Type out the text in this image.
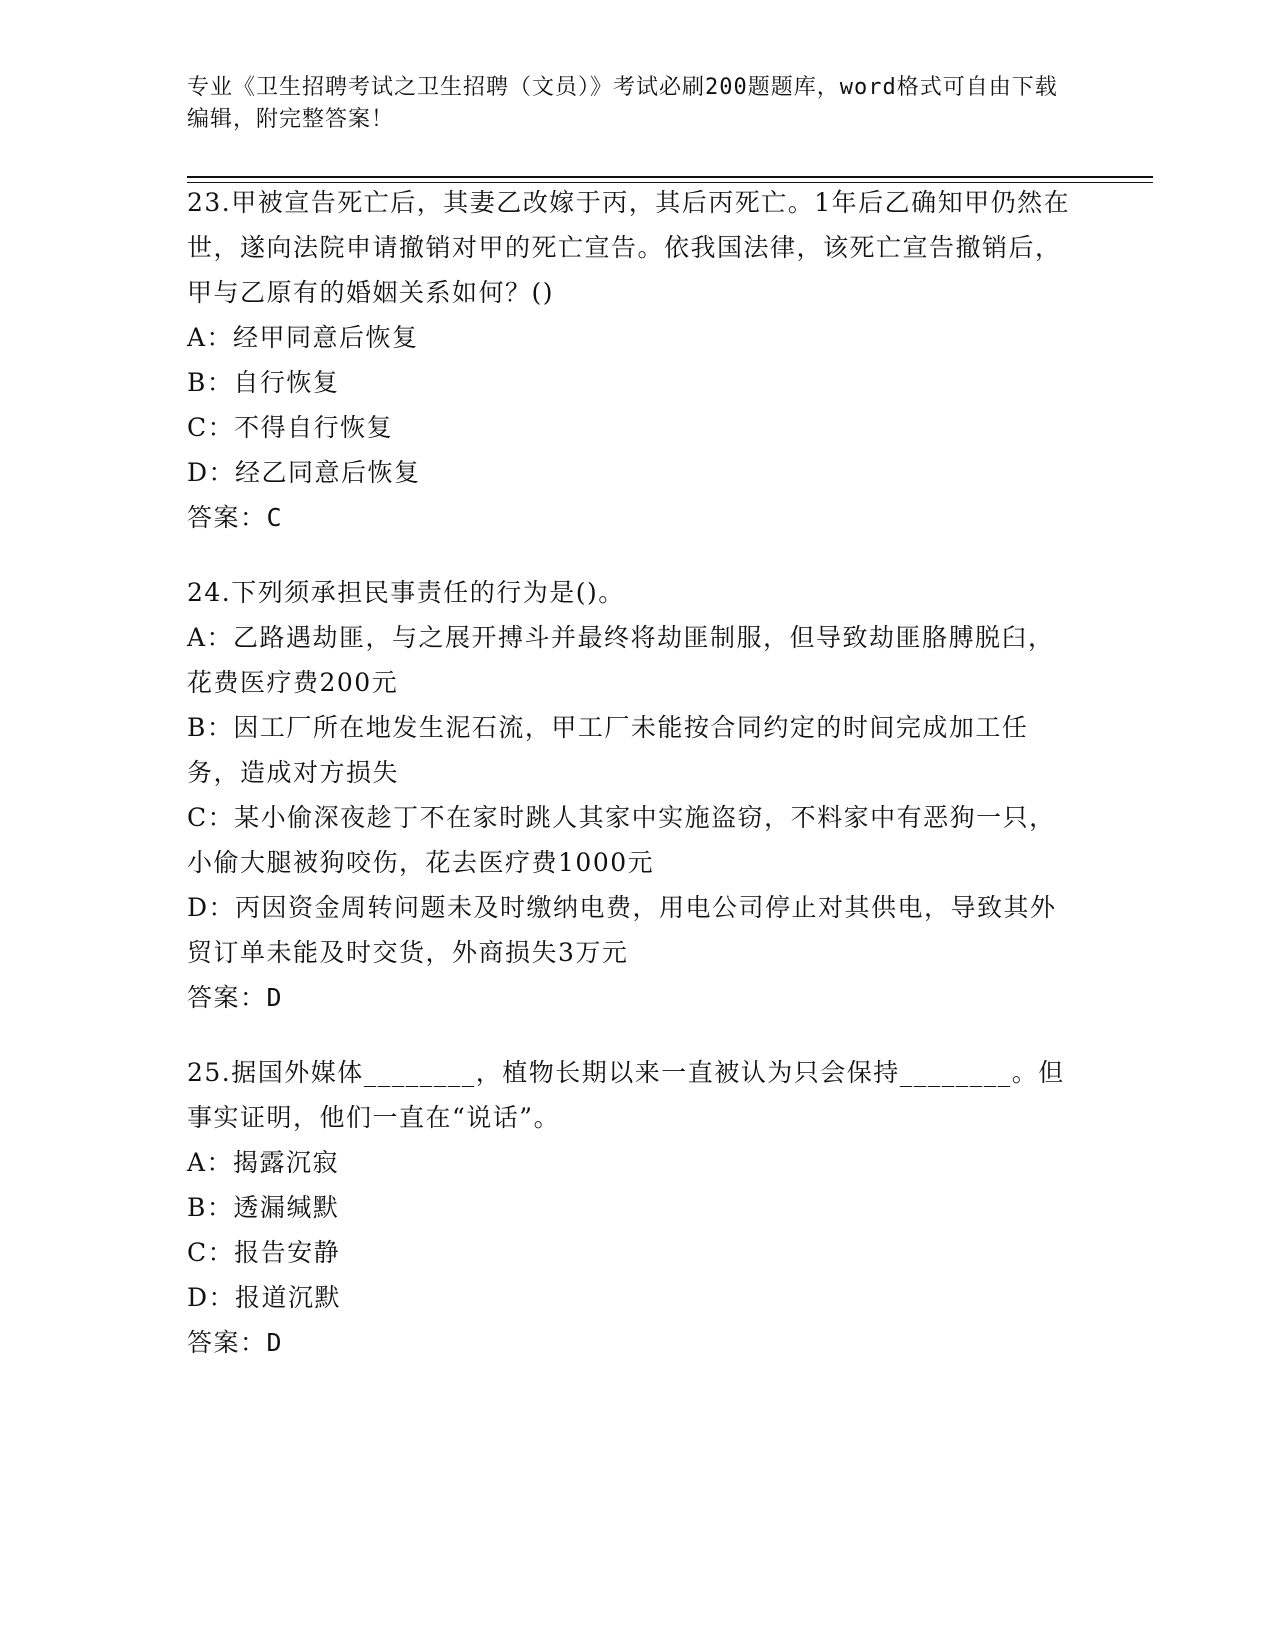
专业《卫生招聘考试之卫生招聘（文员）》考试必刷200题题库，word格式可自由下载编辑，附完整答案！
23.甲被宣告死亡后，其妻乙改嫁于丙，其后丙死亡。1年后乙确知甲仍然在世，遂向法院申请撤销对甲的死亡宣告。依我国法律，该死亡宣告撤销后，甲与乙原有的婚姻关系如何？()
A：经甲同意后恢复
B：自行恢复
C：不得自行恢复
D：经乙同意后恢复
答案：C
24.下列须承担民事责任的行为是()。
A：乙路遇劫匪，与之展开搏斗并最终将劫匪制服，但导致劫匪胳膊脱臼，花费医疗费200元
B：因工厂所在地发生泥石流，甲工厂未能按合同约定的时间完成加工任务，造成对方损失
C：某小偷深夜趁丁不在家时跳人其家中实施盗窃，不料家中有恶狗一只，小偷大腿被狗咬伤，花去医疗费1000元
D：丙因资金周转问题未及时缴纳电费，用电公司停止对其供电，导致其外贸订单未能及时交货，外商损失3万元
答案：D
25.据国外媒体________，植物长期以来一直被认为只会保持________。但事实证明，他们一直在“说话”。
A：揭露沉寂
B：透漏缄默
C：报告安静
D：报道沉默
答案：D
